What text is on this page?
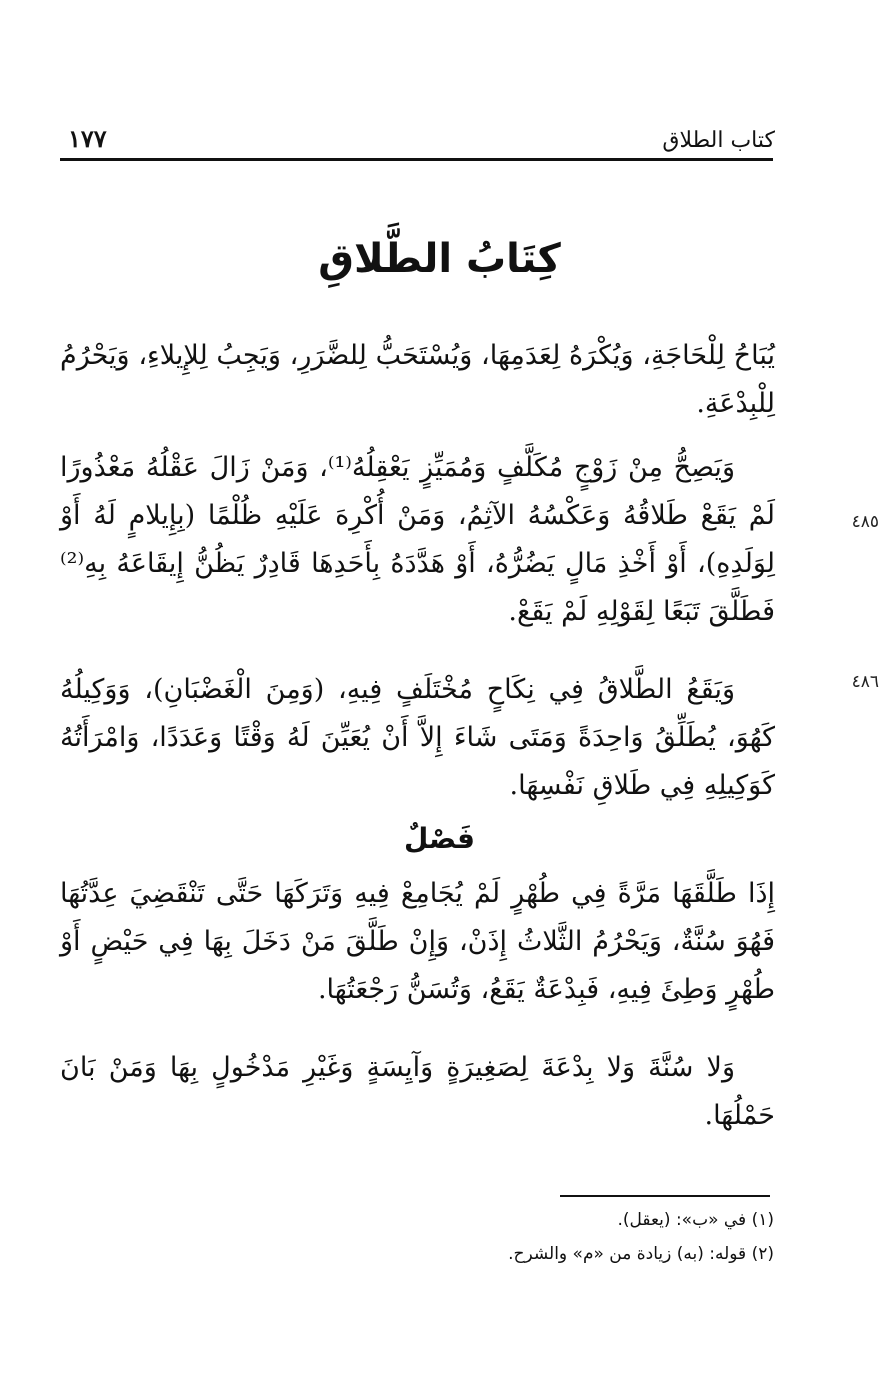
كتاب الطلاق
١٧٧
كِتَابُ الطَّلاقِ
يُبَاحُ لِلْحَاجَةِ، وَيُكْرَهُ لِعَدَمِهَا، وَيُسْتَحَبُّ لِلضَّرَرِ، وَيَجِبُ لِلإِيلاءِ، وَيَحْرُمُ لِلْبِدْعَةِ.
وَيَصِحُّ مِنْ زَوْجٍ مُكَلَّفٍ وَمُمَيِّزٍ يَعْقِلُهُ⁽¹⁾، وَمَنْ زَالَ عَقْلُهُ مَعْذُورًا لَمْ يَقَعْ طَلاقُهُ وَعَكْسُهُ الآثِمُ، وَمَنْ أُكْرِهَ عَلَيْهِ ظُلْمًا (بِإِيلامٍ لَهُ أَوْ لِوَلَدِهِ)، أَوْ أَخْذِ مَالٍ يَضُرُّهُ، أَوْ هَدَّدَهُ بِأَحَدِهَا قَادِرٌ يَظُنُّ إِيقَاعَهُ بِهِ⁽²⁾ فَطَلَّقَ تَبَعًا لِقَوْلِهِ لَمْ يَقَعْ.
٤٨٥
وَيَقَعُ الطَّلاقُ فِي نِكَاحٍ مُخْتَلَفٍ فِيهِ، (وَمِنَ الْغَضْبَانِ)، وَوَكِيلُهُ كَهُوَ، يُطَلِّقُ وَاحِدَةً وَمَتَى شَاءَ إِلاَّ أَنْ يُعَيِّنَ لَهُ وَقْتًا وَعَدَدًا، وَامْرَأَتُهُ كَوَكِيلِهِ فِي طَلاقِ نَفْسِهَا.
٤٨٦
فَصْلٌ
إِذَا طَلَّقَهَا مَرَّةً فِي طُهْرٍ لَمْ يُجَامِعْ فِيهِ وَتَرَكَهَا حَتَّى تَنْقَضِيَ عِدَّتُهَا فَهُوَ سُنَّةٌ، وَيَحْرُمُ الثَّلاثُ إِذَنْ، وَإِنْ طَلَّقَ مَنْ دَخَلَ بِهَا فِي حَيْضٍ أَوْ طُهْرٍ وَطِئَ فِيهِ، فَبِدْعَةٌ يَقَعُ، وَتُسَنُّ رَجْعَتُهَا.
وَلا سُنَّةَ وَلا بِدْعَةَ لِصَغِيرَةٍ وَآيِسَةٍ وَغَيْرِ مَدْخُولٍ بِهَا وَمَنْ بَانَ حَمْلُهَا.
(١) في «ب»: (يعقل).
(٢) قوله: (به) زيادة من «م» والشرح.
